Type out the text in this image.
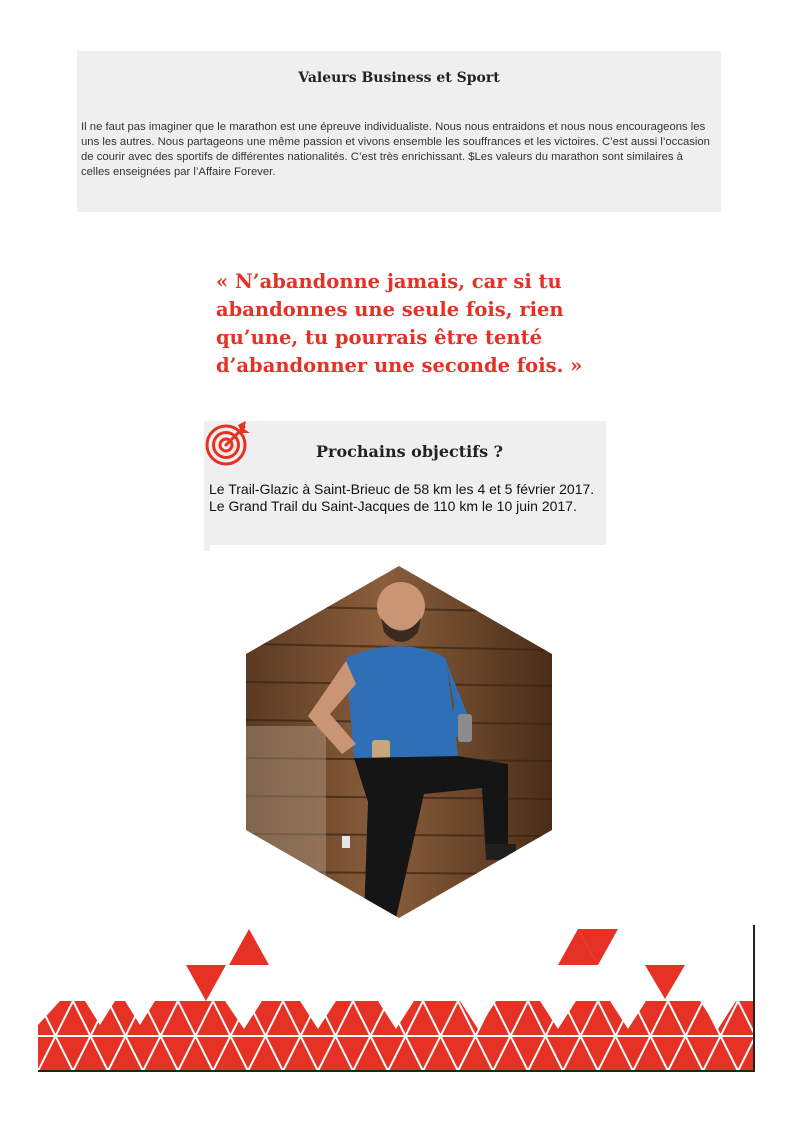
Valeurs Business et Sport

Il ne faut pas imaginer que le marathon est une épreuve individualiste. Nous nous entraidons et nous nous encourageons les uns les autres. Nous partageons une même passion et vivons ensemble les souffrances et les victoires. C’est aussi l’occasion de courir avec des sportifs de différentes nationalités. C’est très enrichissant. $Les valeurs du marathon sont similaires à celles enseignées par l’Affaire Forever.

« N’abandonne jamais, car si tu abandonnes une seule fois, rien qu’une, tu pourrais être tenté d’abandonner une seconde fois. »

Prochains objectifs ?
Le Trail-Glazic à Saint-Brieuc de 58 km les 4 et 5 février 2017.
Le Grand Trail du Saint-Jacques de 110 km le 10 juin 2017.
